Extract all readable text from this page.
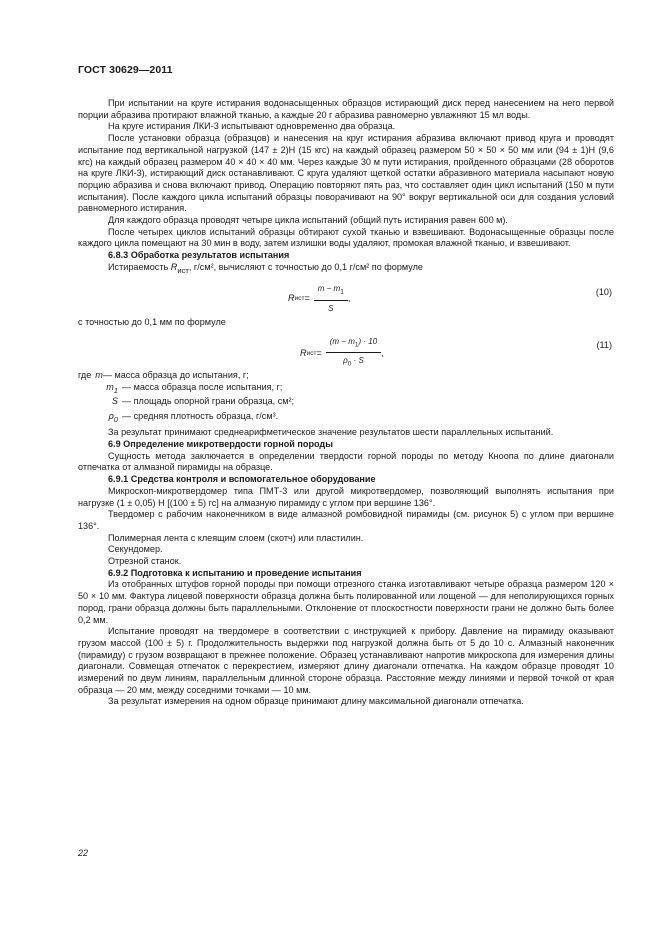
ГОСТ 30629—2011

При испытании на круге истирания водонасыщенных образцов истирающий диск перед нанесением на него первой порции абразива протирают влажной тканью, а каждые 20 г абразива равномерно увлажняют 15 мл воды.

На круге истирания ЛКИ-3 испытывают одновременно два образца.

После установки образца (образцов) и нанесения на круг истирания абразива включают привод круга и проводят испытание под вертикальной нагрузкой (147 ± 2)Н (15 кгс) на каждый образец размером 50 × 50 × 50 мм или (94 ± 1)Н (9,6 кгс) на каждый образец размером 40 × 40 × 40 мм. Через каждые 30 м пути истирания, пройденного образцами (28 оборотов на круге ЛКИ-3), истирающий диск останавливают. С круга удаляют щеткой остатки абразивного материала насыпают новую порцию абразива и снова включают привод. Операцию повторяют пять раз, что составляет один цикл испытаний (150 м пути испытания). После каждого цикла испытаний образцы поворачивают на 90° вокруг вертикальной оси для создания условий равномерного истирания.

Для каждого образца проводят четыре цикла испытаний (общий путь истирания равен 600 м).

После четырех циклов испытаний образцы обтирают сухой тканью и взвешивают. Водонасыщенные образцы после каждого цикла помещают на 30 мин в воду, затем излишки воды удаляют, промокая влажной тканью, и взвешивают.

6.8.3 Обработка результатов испытания

Истираемость $R_{ист}$, г/см², вычисляют с точностью до 0,1 г/см² по формуле

R ист = $\frac{m - m_1}{S}$ ,
(10)

с точностью до 0,1 мм по формуле

R ист = $\frac{(m - m_1) \cdot 10}{\rho_0 \cdot S}$ ,
(11)
где m — масса образца до испытания, г;
$m_1$ — масса образца после испытания, г;
S — площадь опорной грани образца, см²;
$\rho_0$ — средняя плотность образца, г/см³.

За результат принимают среднеарифметическое значение результатов шести параллельных испытаний.

6.9 Определение микротвердости горной породы

Сущность метода заключается в определении твердости горной породы по методу Кноопа по длине диагонали отпечатка от алмазной пирамиды на образце.

6.9.1 Средства контроля и вспомогательное оборудование

Микроскоп-микротвердомер типа ПМТ-3 или другой микротвердомер, позволяющий выполнять испытания при нагрузке (1 ± 0,05) Н [(100 ± 5) гс] на алмазную пирамиду с углом при вершине 136°.

Твердомер с рабочим наконечником в виде алмазной ромбовидной пирамиды (см. рисунок 5) с углом при вершине 136°.

Полимерная лента с клеящим слоем (скотч) или пластилин.

Секундомер.

Отрезной станок.

6.9.2 Подготовка к испытанию и проведение испытания

Из отобранных штуфов горной породы при помощи отрезного станка изготавливают четыре образца размером 120 × 50 × 10 мм. Фактура лицевой поверхности образца должна быть полированной или лощеной — для неполирующихся горных пород, грани образца должны быть параллельными. Отклонение от плоскостности поверхности грани не должно быть более 0,2 мм.

Испытание проводят на твердомере в соответствии с инструкцией к прибору. Давление на пирамиду оказывают грузом массой (100 ± 5) г. Продолжительность выдержки под нагрузкой должна быть от 5 до 10 с. Алмазный наконечник (пирамиду) с грузом возвращают в прежнее положение. Образец устанавливают напротив микроскопа для измерения длины диагонали. Совмещая отпечаток с перекрестием, измеряют длину диагонали отпечатка. На каждом образце проводят 10 измерений по двум линиям, параллельным длинной стороне образца. Расстояние между линиями и первой точкой от края образца — 20 мм, между соседними точками — 10 мм.

За результат измерения на одном образце принимают длину максимальной диагонали отпечатка.

22
